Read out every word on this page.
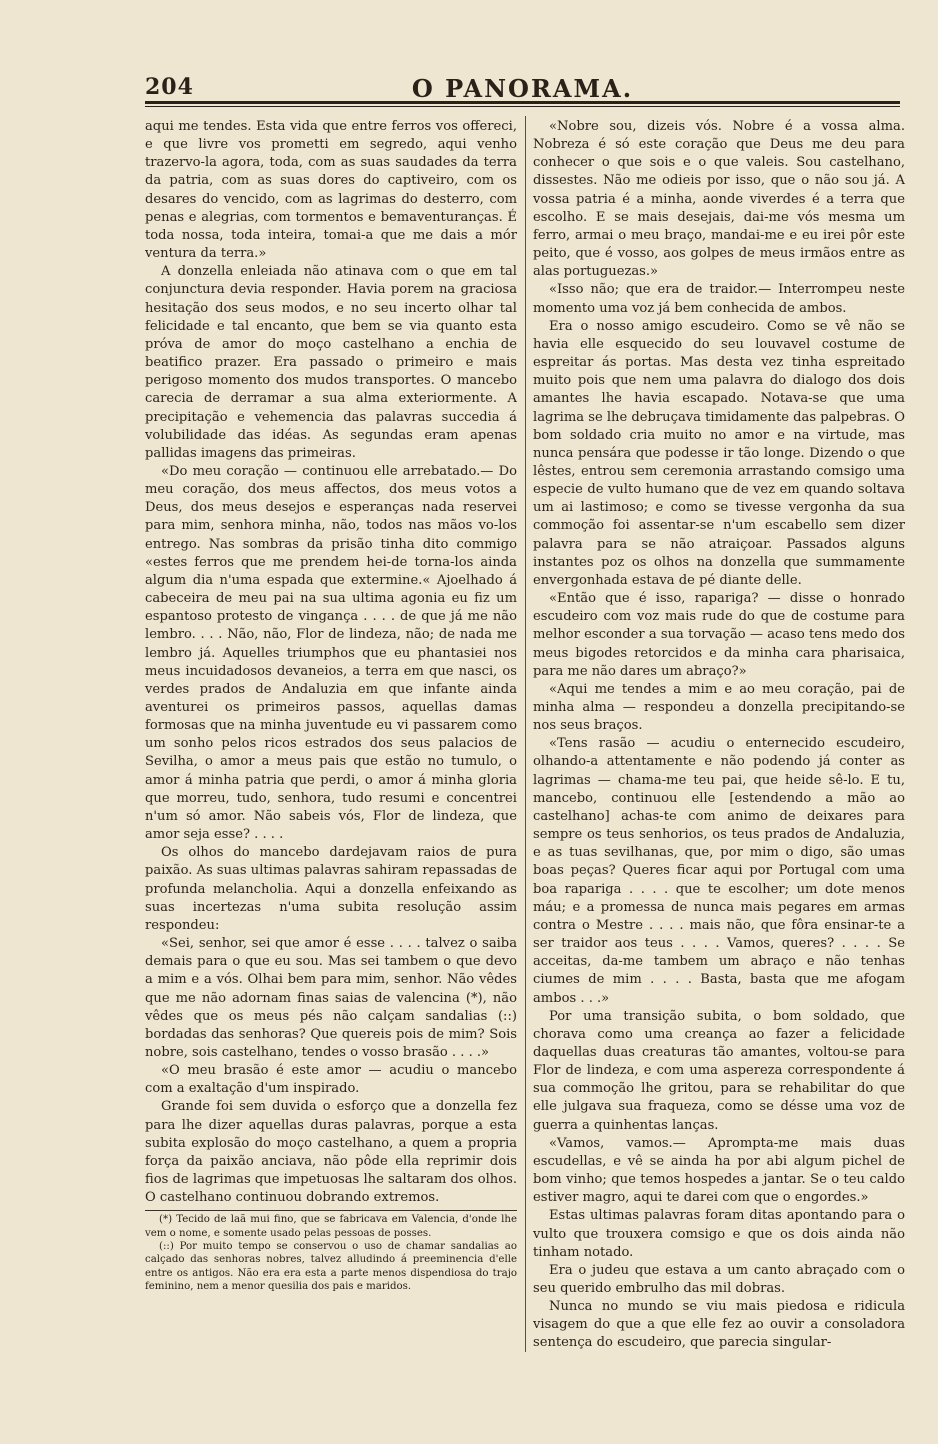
204	O PANORAMA.

aqui me tendes. Esta vida que entre ferros vos offereci, e que livre vos prometti em segredo, aqui venho trazervo-la agora, toda, com as suas saudades da terra da patria, com as suas dores do captiveiro, com os desares do vencido, com as lagrimas do desterro, com penas e alegrias, com tormentos e bemaventuranças. É toda nossa, toda inteira, tomai-a que me dais a mór ventura da terra.»

A donzella enleiada não atinava com o que em tal conjunctura devia responder. Havia porem na graciosa hesitação dos seus modos, e no seu incerto olhar tal felicidade e tal encanto, que bem se via quanto esta próva de amor do moço castelhano a enchia de beatifico prazer. Era passado o primeiro e mais perigoso momento dos mudos transportes. O mancebo carecia de derramar a sua alma exteriormente. A precipitação e vehemencia das palavras succedia á volubilidade das idéas. As segundas eram apenas pallidas imagens das primeiras.

«Do meu coração — continuou elle arrebatado.— Do meu coração, dos meus affectos, dos meus votos a Deus, dos meus desejos e esperanças nada reservei para mim, senhora minha, não, todos nas mãos vo-los entrego. Nas sombras da prisão tinha dito commigo «estes ferros que me prendem hei-de torna-los ainda algum dia n'uma espada que extermine.« Ajoelhado á cabeceira de meu pai na sua ultima agonia eu fiz um espantoso protesto de vingança . . . . de que já me não lembro. . . . Não, não, Flor de lindeza, não; de nada me lembro já. Aquelles triumphos que eu phantasiei nos meus incuidadosos devaneios, a terra em que nasci, os verdes prados de Andaluzia em que infante ainda aventurei os primeiros passos, aquellas damas formosas que na minha juventude eu vi passarem como um sonho pelos ricos estrados dos seus palacios de Sevilha, o amor a meus pais que estão no tumulo, o amor á minha patria que perdi, o amor á minha gloria que morreu, tudo, senhora, tudo resumi e concentrei n'um só amor. Não sabeis vós, Flor de lindeza, que amor seja esse? . . . .

Os olhos do mancebo dardejavam raios de pura paixão. As suas ultimas palavras sahiram repassadas de profunda melancholia. Aqui a donzella enfeixando as suas incertezas n'uma subita resolução assim respondeu:

«Sei, senhor, sei que amor é esse . . . . talvez o saiba demais para o que eu sou. Mas sei tambem o que devo a mim e a vós. Olhai bem para mim, senhor. Não vêdes que me não adornam finas saias de valencina (*), não vêdes que os meus pés não calçam sandalias (::) bordadas das senhoras? Que quereis pois de mim? Sois nobre, sois castelhano, tendes o vosso brasão . . . .»

«O meu brasão é este amor — acudiu o mancebo com a exaltação d'um inspirado.

Grande foi sem duvida o esforço que a donzella fez para lhe dizer aquellas duras palavras, porque a esta subita explosão do moço castelhano, a quem a propria força da paixão anciava, não pôde ella reprimir dois fios de lagrimas que impetuosas lhe saltaram dos olhos. O castelhano continuou dobrando extremos.

(*) Tecido de laã mui fino, que se fabricava em Valencia, d'onde lhe vem o nome, e somente usado pelas pessoas de posses.

(::) Por muito tempo se conservou o uso de chamar sandalias ao calçado das senhoras nobres, talvez alludindo á preeminencia d'elle entre os antigos. Não era era esta a parte menos dispendiosa do trajo feminino, nem a menor quesilia dos pais e maridos.

«Nobre sou, dizeis vós. Nobre é a vossa alma. Nobreza é só este coração que Deus me deu para conhecer o que sois e o que valeis. Sou castelhano, dissestes. Não me odieis por isso, que o não sou já. A vossa patria é a minha, aonde viverdes é a terra que escolho. E se mais desejais, dai-me vós mesma um ferro, armai o meu braço, mandai-me e eu irei pôr este peito, que é vosso, aos golpes de meus irmãos entre as alas portuguezas.»

«Isso não; que era de traidor.— Interrompeu neste momento uma voz já bem conhecida de ambos.

Era o nosso amigo escudeiro. Como se vê não se havia elle esquecido do seu louvavel costume de espreitar ás portas. Mas desta vez tinha espreitado muito pois que nem uma palavra do dialogo dos dois amantes lhe havia escapado. Notava-se que uma lagrima se lhe debruçava timidamente das palpebras. O bom soldado cria muito no amor e na virtude, mas nunca pensára que podesse ir tão longe. Dizendo o que lêstes, entrou sem ceremonia arrastando comsigo uma especie de vulto humano que de vez em quando soltava um ai lastimoso; e como se tivesse vergonha da sua commoção foi assentar-se n'um escabello sem dizer palavra para se não atraiçoar. Passados alguns instantes poz os olhos na donzella que summamente envergonhada estava de pé diante delle.

«Então que é isso, rapariga? — disse o honrado escudeiro com voz mais rude do que de costume para melhor esconder a sua torvação — acaso tens medo dos meus bigodes retorcidos e da minha cara pharisaica, para me não dares um abraço?»

«Aqui me tendes a mim e ao meu coração, pai de minha alma — respondeu a donzella precipitando-se nos seus braços.

«Tens rasão — acudiu o enternecido escudeiro, olhando-a attentamente e não podendo já conter as lagrimas — chama-me teu pai, que heide sê-lo. E tu, mancebo, continuou elle [estendendo a mão ao castelhano] achas-te com animo de deixares para sempre os teus senhorios, os teus prados de Andaluzia, e as tuas sevilhanas, que, por mim o digo, são umas boas peças? Queres ficar aqui por Portugal com uma boa rapariga . . . . que te escolher; um dote menos máu; e a promessa de nunca mais pegares em armas contra o Mestre . . . . mais não, que fôra ensinar-te a ser traidor aos teus . . . . Vamos, queres? . . . . Se acceitas, da-me tambem um abraço e não tenhas ciumes de mim . . . . Basta, basta que me afogam ambos . . .»

Por uma transição subita, o bom soldado, que chorava como uma creança ao fazer a felicidade daquellas duas creaturas tão amantes, voltou-se para Flor de lindeza, e com uma aspereza correspondente á sua commoção lhe gritou, para se rehabilitar do que elle julgava sua fraqueza, como se désse uma voz de guerra a quinhentas lanças.

«Vamos, vamos.— Apromptа-me mais duas escudellas, e vê se ainda ha por abi algum pichel de bom vinho; que temos hospedes a jantar. Se o teu caldo estiver magro, aqui te darei com que o engordes.»

Estas ultimas palavras foram ditas apontando para o vulto que trouxera comsigo e que os dois ainda não tinham notado.

Era o judeu que estava a um canto abraçado com o seu querido embrulho das mil dobras.

Nunca no mundo se viu mais piedosa e ridicula visagem do que a que elle fez ao ouvir a consoladora sentença do escudeiro, que parecia singular-
